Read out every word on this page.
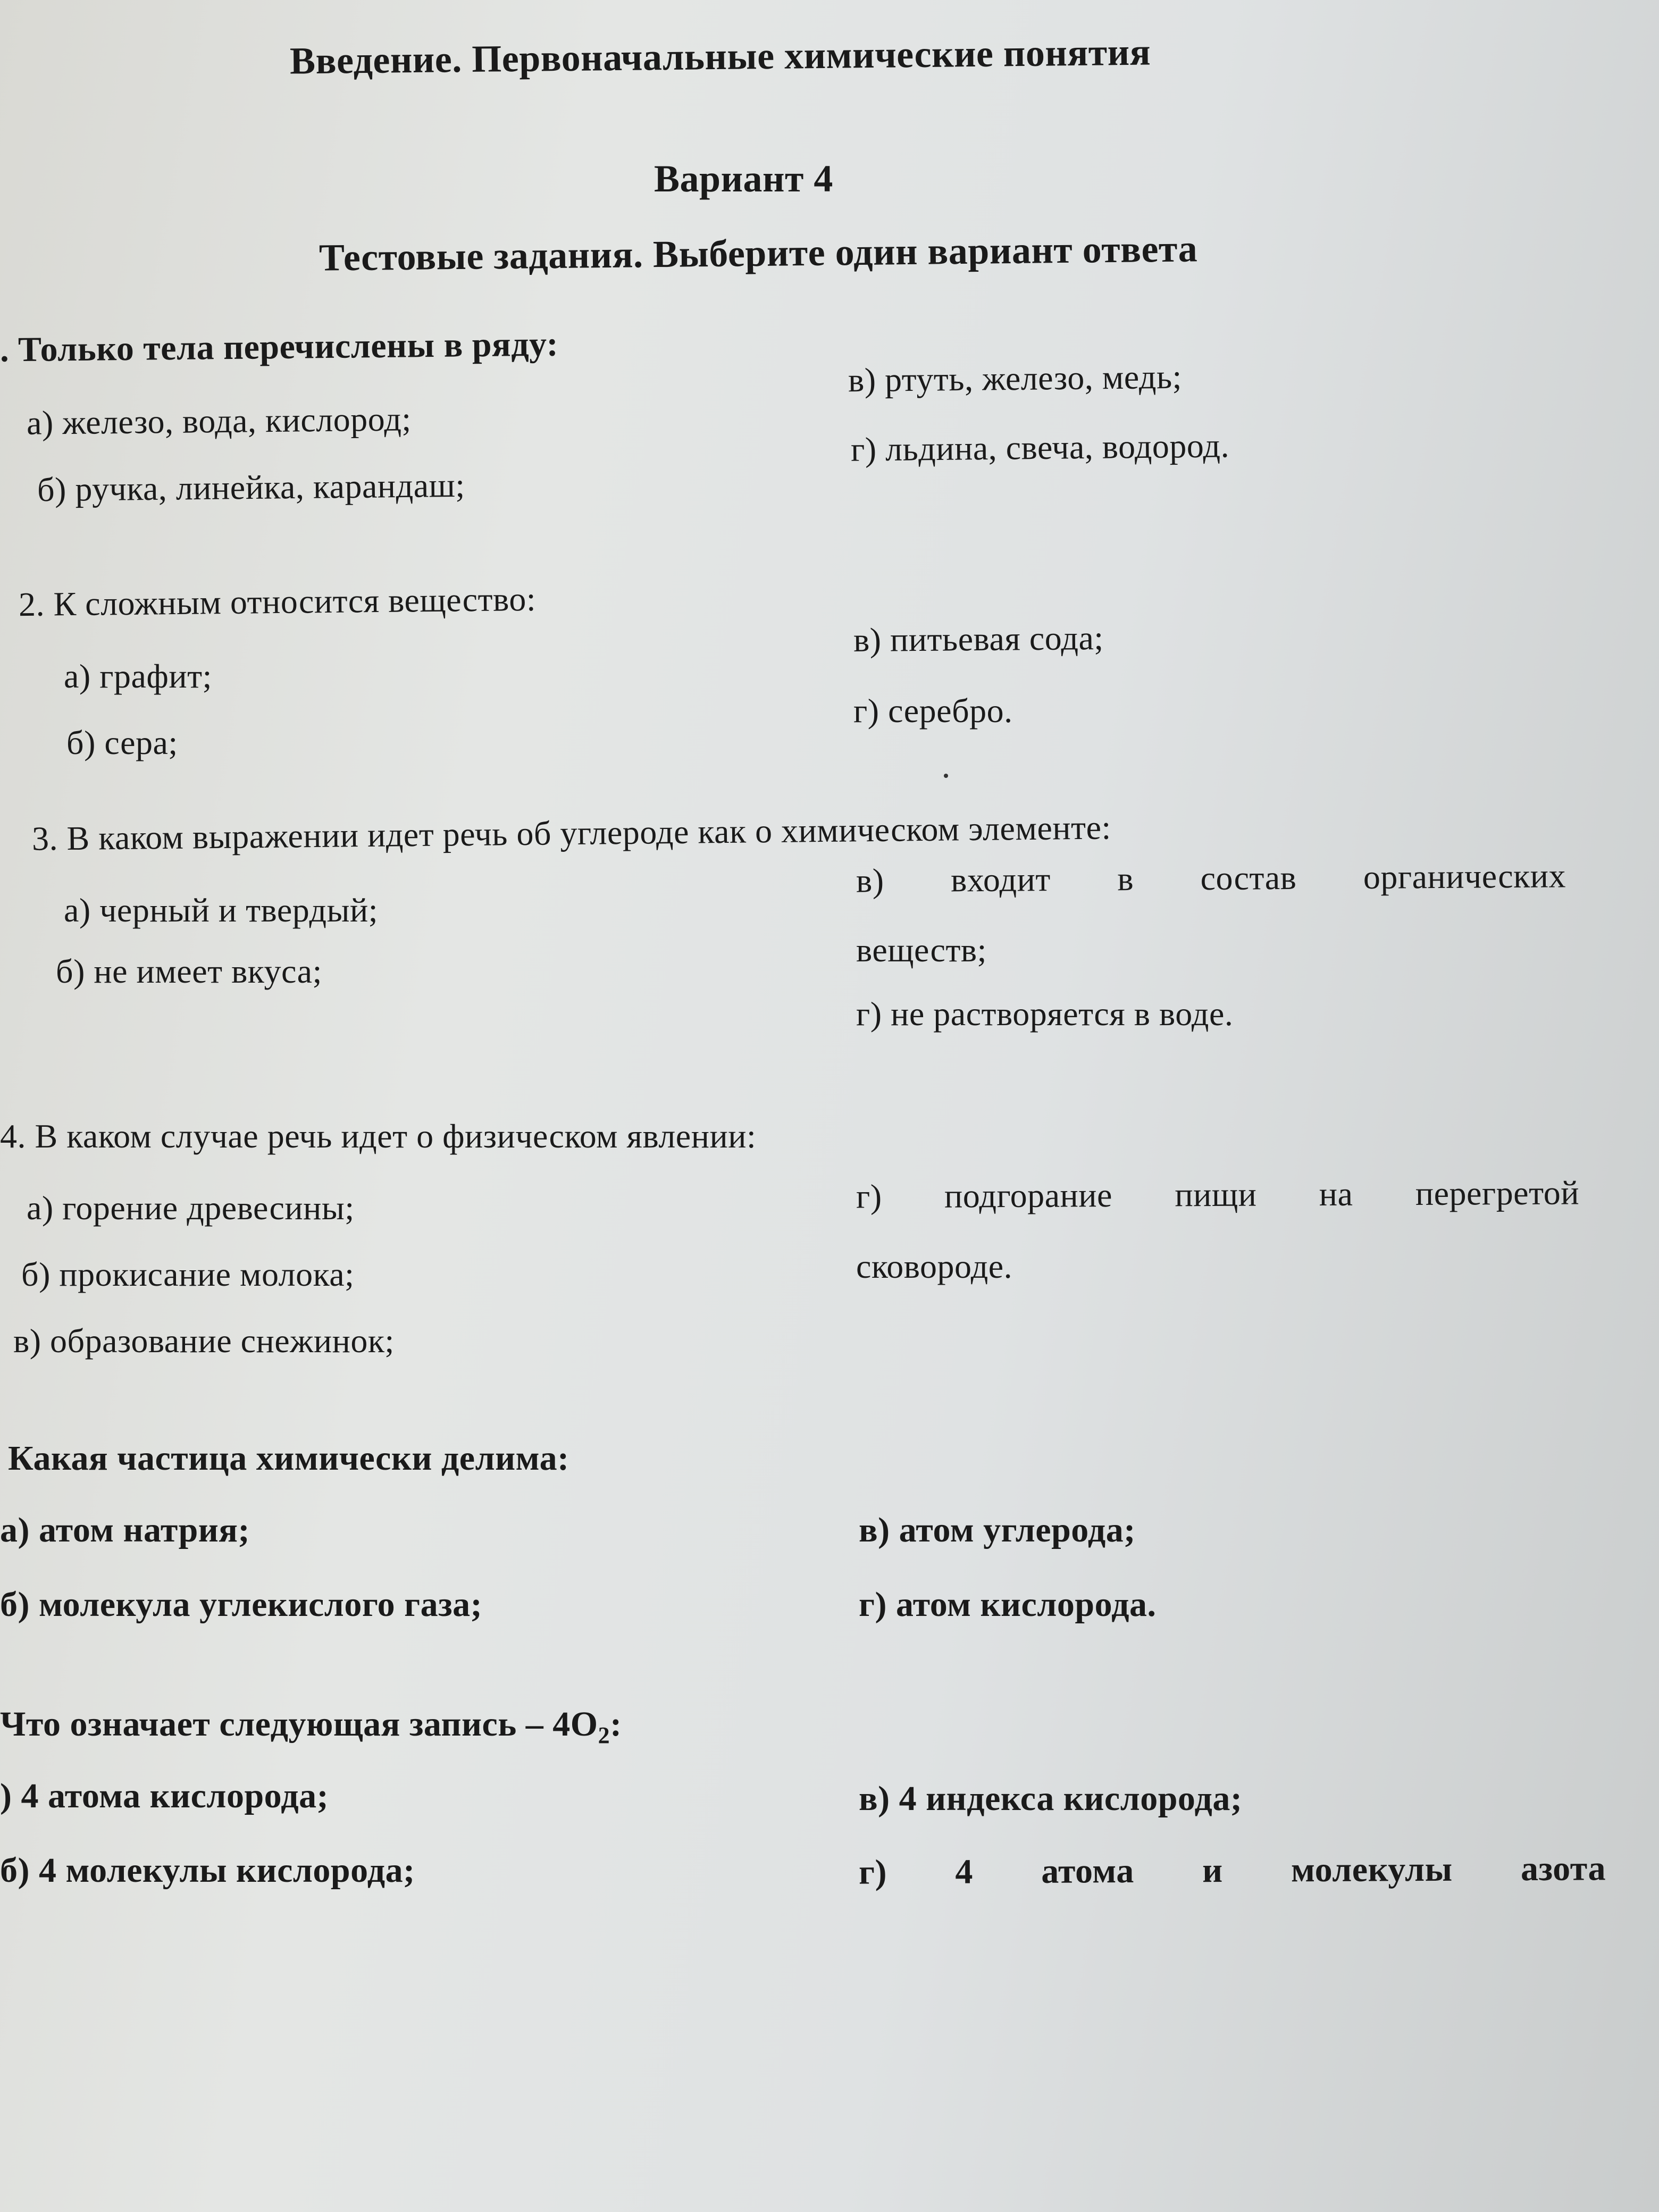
Введение. Первоначальные химические понятия
Вариант 4
Тестовые задания. Выберите один вариант ответа
. Только тела перечислены в ряду:
а) железо, вода, кислород;
б) ручка, линейка, карандаш;
в) ртуть, железо, медь;
г) льдина, свеча, водород.
2. К сложным относится вещество:
а) графит;
б) сера;
в) питьевая сода;
г) серебро.
3. В каком выражении идет речь об углероде как о химическом элементе:
а) черный и твердый;
б) не имеет вкуса;
в) входит в состав органических
веществ;
г) не растворяется в воде.
4. В каком случае речь идет о физическом явлении:
а) горение древесины;
б) прокисание молока;
в) образование снежинок;
г) подгорание пищи на перегретой
сковороде.
Какая частица химически делима:
а) атом натрия;
б) молекула углекислого газа;
в) атом углерода;
г) атом кислорода.
Что означает следующая запись – $4O_2$:
) 4 атома кислорода;
б) 4 молекулы кислорода;
в) 4 индекса кислорода;
г) 4 атома и молекулы азота
